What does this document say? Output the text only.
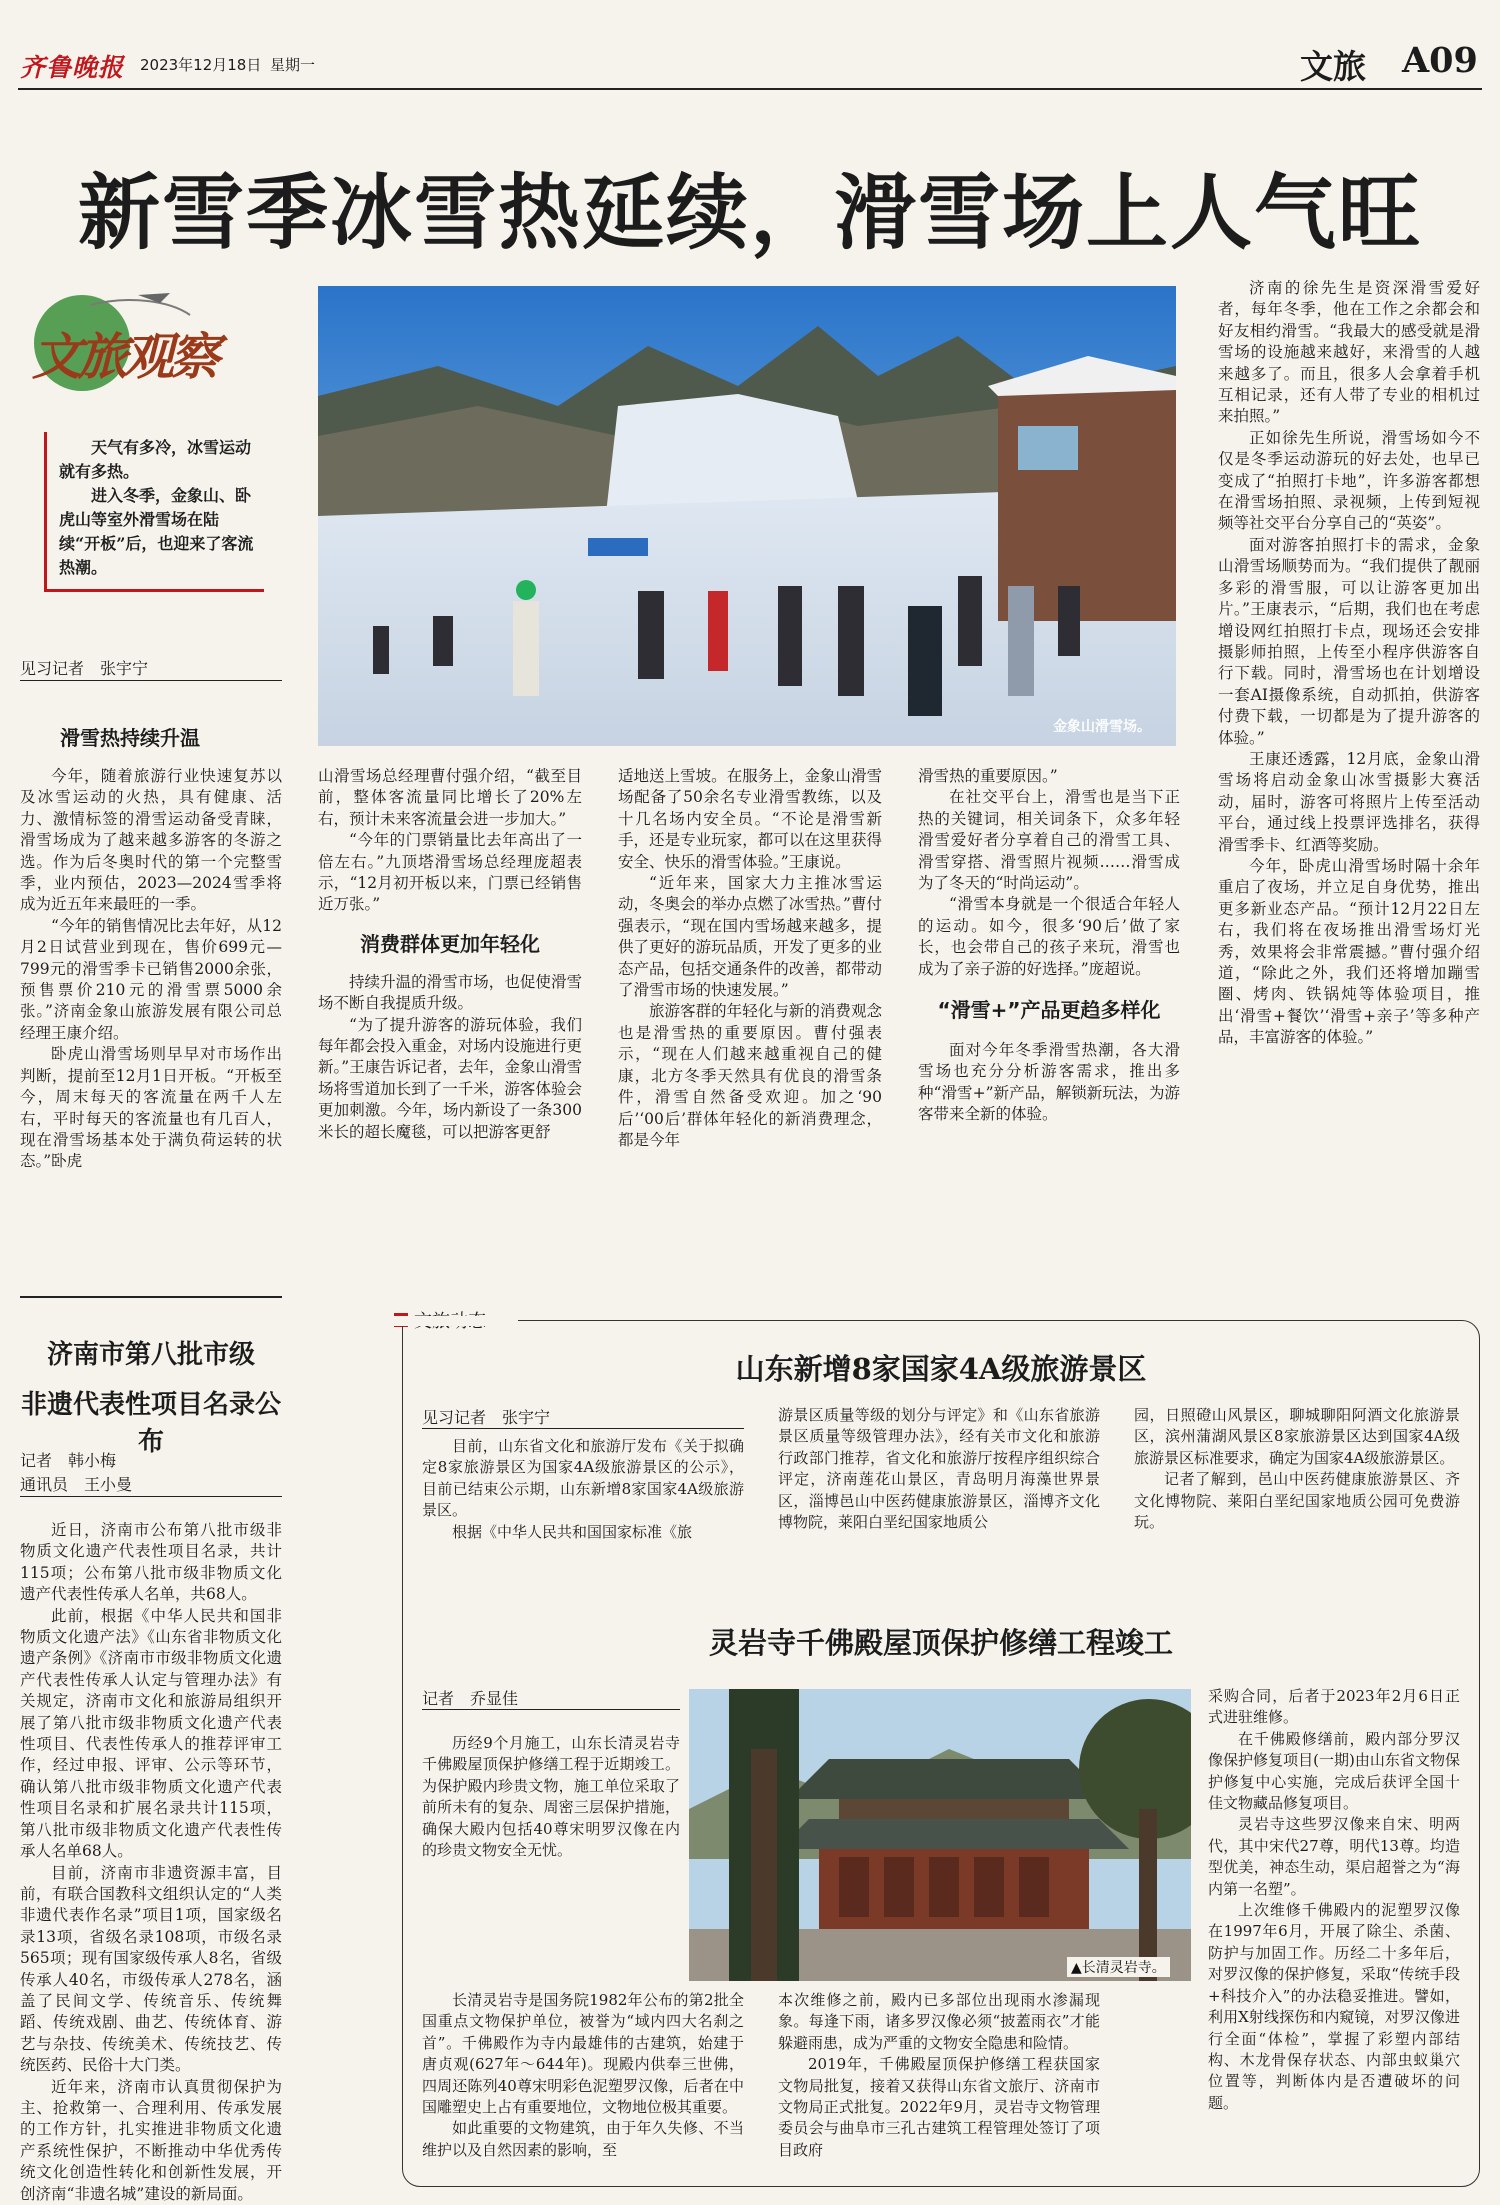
齐鲁晚报 2023年12月18日 星期一	文旅 A09
新雪季冰雪热延续，滑雪场上人气旺
文旅观察

天气有多冷，冰雪运动就有多热。

进入冬季，金象山、卧虎山等室外滑雪场在陆续“开板”后，也迎来了客流热潮。

见习记者　张宇宁
金象山滑雪场。
滑雪热持续升温

今年，随着旅游行业快速复苏以及冰雪运动的火热，具有健康、活力、激情标签的滑雪运动备受青睐，滑雪场成为了越来越多游客的冬游之选。作为后冬奥时代的第一个完整雪季，业内预估，2023—2024雪季将成为近五年来最旺的一季。

“今年的销售情况比去年好，从12月2日试营业到现在，售价699元—799元的滑雪季卡已销售2000余张，预售票价210元的滑雪票5000余张。”济南金象山旅游发展有限公司总经理王康介绍。

卧虎山滑雪场则早早对市场作出判断，提前至12月1日开板。“开板至今，周末每天的客流量在两千人左右，平时每天的客流量也有几百人，现在滑雪场基本处于满负荷运转的状态。”卧虎

山滑雪场总经理曹付强介绍，“截至目前，整体客流量同比增长了20%左右，预计未来客流量会进一步加大。”

“今年的门票销量比去年高出了一倍左右。”九顶塔滑雪场总经理庞超表示，“12月初开板以来，门票已经销售近万张。”

消费群体更加年轻化

持续升温的滑雪市场，也促使滑雪场不断自我提质升级。

“为了提升游客的游玩体验，我们每年都会投入重金，对场内设施进行更新。”王康告诉记者，去年，金象山滑雪场将雪道加长到了一千米，游客体验会更加刺激。今年，场内新设了一条300米长的超长魔毯，可以把游客更舒

适地送上雪坡。在服务上，金象山滑雪场配备了50余名专业滑雪教练，以及十几名场内安全员。“不论是滑雪新手，还是专业玩家，都可以在这里获得安全、快乐的滑雪体验。”王康说。

“近年来，国家大力主推冰雪运动，冬奥会的举办点燃了冰雪热。”曹付强表示，“现在国内雪场越来越多，提供了更好的游玩品质，开发了更多的业态产品，包括交通条件的改善，都带动了滑雪市场的快速发展。”

旅游客群的年轻化与新的消费观念也是滑雪热的重要原因。曹付强表示，“现在人们越来越重视自己的健康，北方冬季天然具有优良的滑雪条件，滑雪自然备受欢迎。加之‘90后’‘00后’群体年轻化的新消费理念，都是今年

滑雪热的重要原因。”

在社交平台上，滑雪也是当下正热的关键词，相关词条下，众多年轻滑雪爱好者分享着自己的滑雪工具、滑雪穿搭、滑雪照片视频……滑雪成为了冬天的“时尚运动”。

“滑雪本身就是一个很适合年轻人的运动。如今，很多‘90后’做了家长，也会带自己的孩子来玩，滑雪也成为了亲子游的好选择。”庞超说。

“滑雪+”产品更趋多样化

面对今年冬季滑雪热潮，各大滑雪场也充分分析游客需求，推出多种“滑雪+”新产品，解锁新玩法，为游客带来全新的体验。

济南的徐先生是资深滑雪爱好者，每年冬季，他在工作之余都会和好友相约滑雪。“我最大的感受就是滑雪场的设施越来越好，来滑雪的人越来越多了。而且，很多人会拿着手机互相记录，还有人带了专业的相机过来拍照。”

正如徐先生所说，滑雪场如今不仅是冬季运动游玩的好去处，也早已变成了“拍照打卡地”，许多游客都想在滑雪场拍照、录视频，上传到短视频等社交平台分享自己的“英姿”。

面对游客拍照打卡的需求，金象山滑雪场顺势而为。“我们提供了靓丽多彩的滑雪服，可以让游客更加出片。”王康表示，“后期，我们也在考虑增设网红拍照打卡点，现场还会安排摄影师拍照，上传至小程序供游客自行下载。同时，滑雪场也在计划增设一套AI摄像系统，自动抓拍，供游客付费下载，一切都是为了提升游客的体验。”

王康还透露，12月底，金象山滑雪场将启动金象山冰雪摄影大赛活动，届时，游客可将照片上传至活动平台，通过线上投票评选排名，获得滑雪季卡、红酒等奖励。

今年，卧虎山滑雪场时隔十余年重启了夜场，并立足自身优势，推出更多新业态产品。“预计12月22日左右，我们将在夜场推出滑雪场灯光秀，效果将会非常震撼。”曹付强介绍道，“除此之外，我们还将增加蹦雪圈、烤肉、铁锅炖等体验项目，推出‘滑雪+餐饮’‘滑雪+亲子’等多种产品，丰富游客的体验。”

济南市第八批市级
非遗代表性项目名录公布
记者　韩小梅
通讯员　王小曼

近日，济南市公布第八批市级非物质文化遗产代表性项目名录，共计115项；公布第八批市级非物质文化遗产代表性传承人名单，共68人。

此前，根据《中华人民共和国非物质文化遗产法》《山东省非物质文化遗产条例》《济南市市级非物质文化遗产代表性传承人认定与管理办法》有关规定，济南市文化和旅游局组织开展了第八批市级非物质文化遗产代表性项目、代表性传承人的推荐评审工作，经过申报、评审、公示等环节，确认第八批市级非物质文化遗产代表性项目名录和扩展名录共计115项，第八批市级非物质文化遗产代表性传承人名单68人。

目前，济南市非遗资源丰富，目前，有联合国教科文组织认定的“人类非遗代表作名录”项目1项，国家级名录13项，省级名录108项，市级名录565项；现有国家级传承人8名，省级传承人40名，市级传承人278名，涵盖了民间文学、传统音乐、传统舞蹈、传统戏剧、曲艺、传统体育、游艺与杂技、传统美术、传统技艺、传统医药、民俗十大门类。

近年来，济南市认真贯彻保护为主、抢救第一、合理利用、传承发展的工作方针，扎实推进非物质文化遗产系统性保护，不断推动中华优秀传统文化创造性转化和创新性发展，开创济南“非遗名城”建设的新局面。

山东新增8家国家4A级旅游景区
见习记者　张宇宁

目前，山东省文化和旅游厅发布《关于拟确定8家旅游景区为国家4A级旅游景区的公示》，目前已结束公示期，山东新增8家国家4A级旅游景区。

根据《中华人民共和国国家标准《旅

游景区质量等级的划分与评定》和《山东省旅游景区质量等级管理办法》，经有关市文化和旅游行政部门推荐，省文化和旅游厅按程序组织综合评定，济南莲花山景区，青岛明月海藻世界景区，淄博邑山中医药健康旅游景区，淄博齐文化博物院，莱阳白垩纪国家地质公

园，日照磴山风景区，聊城聊阳阿酒文化旅游景区，滨州蒲湖风景区8家旅游景区达到国家4A级旅游景区标准要求，确定为国家4A级旅游景区。

记者了解到，邑山中医药健康旅游景区、齐文化博物院、莱阳白垩纪国家地质公园可免费游玩。

灵岩寺千佛殿屋顶保护修缮工程竣工
记者　乔显佳
▲长清灵岩寺。

历经9个月施工，山东长清灵岩寺千佛殿屋顶保护修缮工程于近期竣工。为保护殿内珍贵文物，施工单位采取了前所未有的复杂、周密三层保护措施，确保大殿内包括40尊宋明罗汉像在内的珍贵文物安全无忧。

长清灵岩寺是国务院1982年公布的第2批全国重点文物保护单位，被誉为“域内四大名刹之首”。千佛殿作为寺内最雄伟的古建筑，始建于唐贞观(627年～644年)。现殿内供奉三世佛，四周还陈列40尊宋明彩色泥塑罗汉像，后者在中国雕塑史上占有重要地位，文物地位极其重要。

如此重要的文物建筑，由于年久失修、不当维护以及自然因素的影响，至

本次维修之前，殿内已多部位出现雨水渗漏现象。每逢下雨，诸多罗汉像必须“披蓋雨衣”才能躲避雨患，成为严重的文物安全隐患和险情。

2019年，千佛殿屋顶保护修缮工程获国家文物局批复，接着又获得山东省文旅厅、济南市文物局正式批复。2022年9月，灵岩寺文物管理委员会与曲阜市三孔古建筑工程管理处签订了项目政府

采购合同，后者于2023年2月6日正式进驻维修。

在千佛殿修缮前，殿内部分罗汉像保护修复项目(一期)由山东省文物保护修复中心实施，完成后获评全国十佳文物藏品修复项目。

灵岩寺这些罗汉像来自宋、明两代，其中宋代27尊，明代13尊。均造型优美，神态生动，渠启超誉之为“海内第一名塑”。

上次维修千佛殿内的泥塑罗汉像在1997年6月，开展了除尘、杀菌、防护与加固工作。历经二十多年后，对罗汉像的保护修复，采取“传统手段+科技介入”的办法稳妥推进。譬如，利用X射线探伤和内窥镜，对罗汉像进行全面“体检”，掌握了彩塑内部结构、木龙骨保存状态、内部虫蚁巢穴位置等，判断体内是否遭破坏的问题。
